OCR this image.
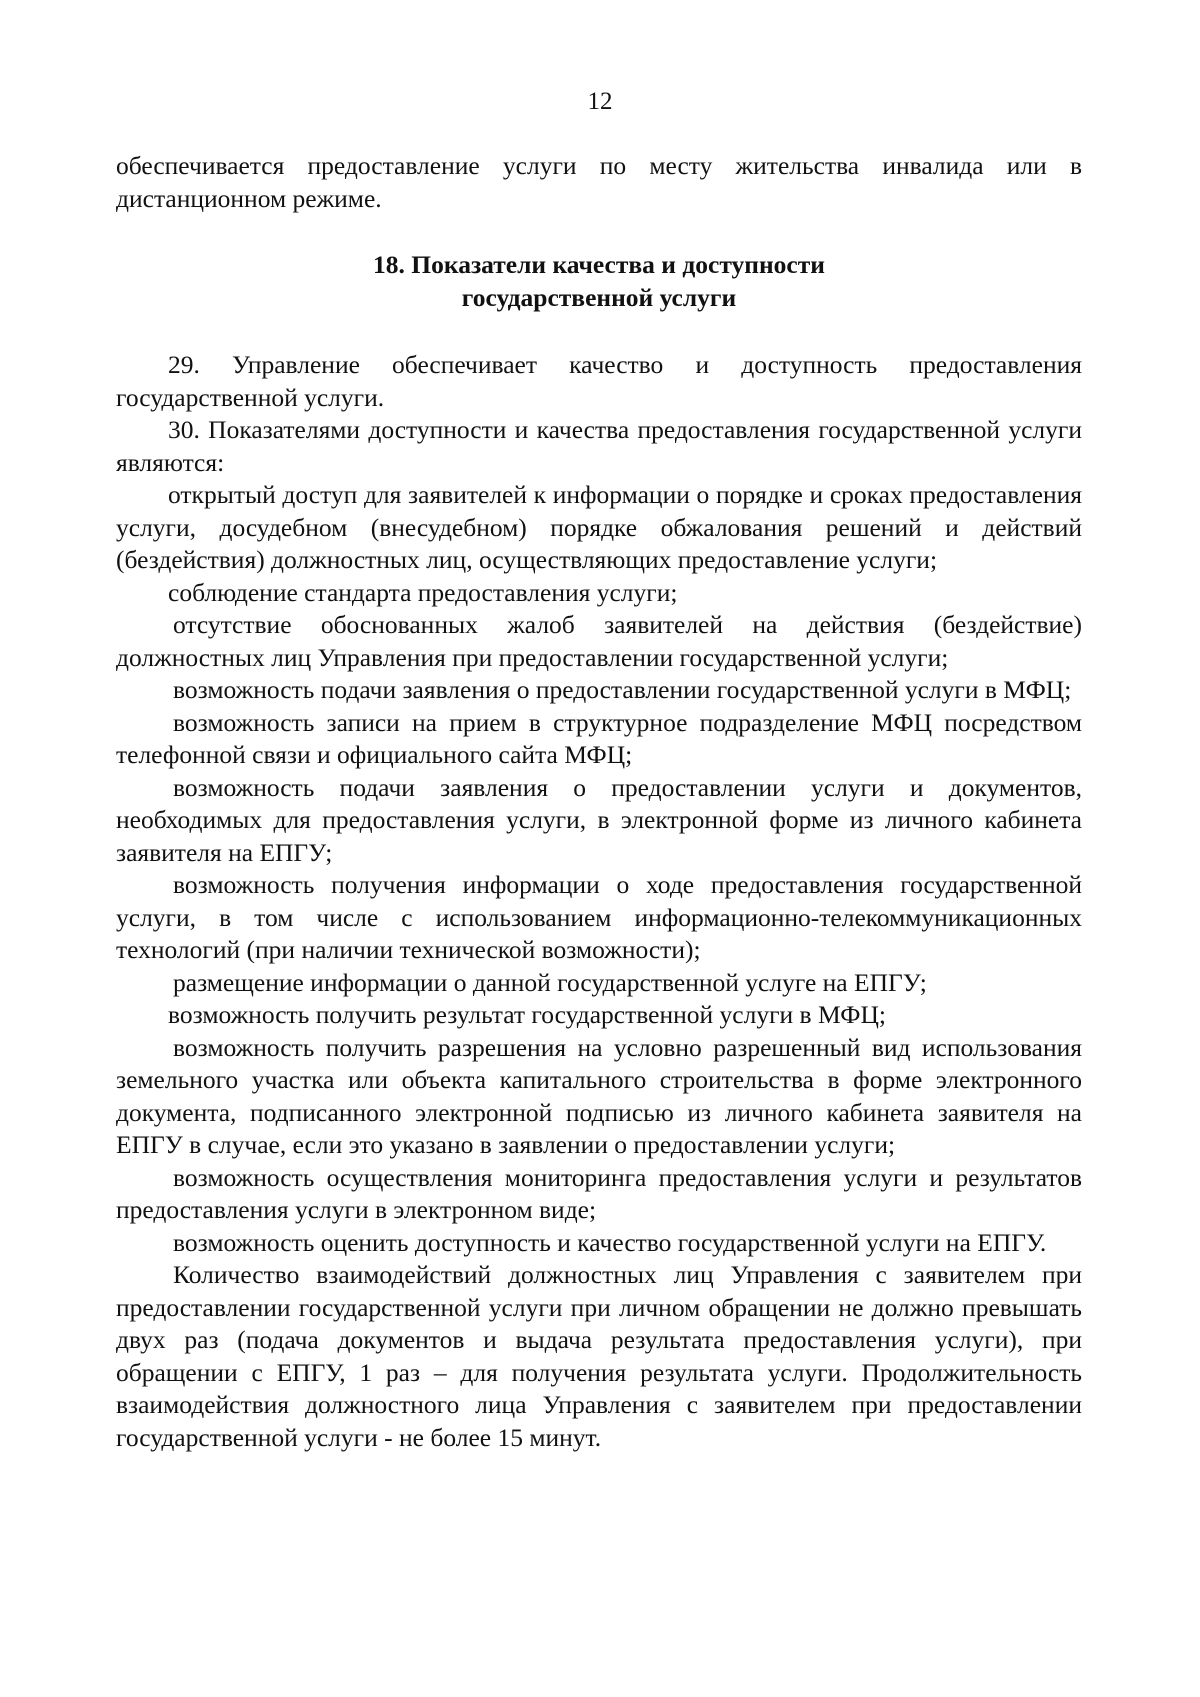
12

обеспечивается предоставление услуги по месту жительства инвалида или в дистанционном режиме.

18. Показатели качества и доступности
государственной услуги

29. Управление обеспечивает качество и доступность предоставления государственной услуги.

30. Показателями доступности и качества предоставления государственной услуги являются:

открытый доступ для заявителей к информации о порядке и сроках предоставления услуги, досудебном (внесудебном) порядке обжалования решений и действий (бездействия) должностных лиц, осуществляющих предоставление услуги;

соблюдение стандарта предоставления услуги;

отсутствие обоснованных жалоб заявителей на действия (бездействие) должностных лиц Управления при предоставлении государственной услуги;

возможность подачи заявления о предоставлении государственной услуги в МФЦ;

возможность записи на прием в структурное подразделение МФЦ посредством телефонной связи и официального сайта МФЦ;

возможность подачи заявления о предоставлении услуги и документов, необходимых для предоставления услуги, в электронной форме из личного кабинета заявителя на ЕПГУ;

возможность получения информации о ходе предоставления государственной услуги, в том числе с использованием информационно-телекоммуникационных технологий (при наличии технической возможности);

размещение информации о данной государственной услуге на ЕПГУ;

возможность получить результат государственной услуги в МФЦ;

возможность получить разрешения на условно разрешенный вид использования земельного участка или объекта капитального строительства в форме электронного документа, подписанного электронной подписью из личного кабинета заявителя на ЕПГУ в случае, если это указано в заявлении о предоставлении услуги;

возможность осуществления мониторинга предоставления услуги и результатов предоставления услуги в электронном виде;

возможность оценить доступность и качество государственной услуги на ЕПГУ.

Количество взаимодействий должностных лиц Управления с заявителем при предоставлении государственной услуги при личном обращении не должно превышать двух раз (подача документов и выдача результата предоставления услуги), при обращении с ЕПГУ, 1 раз – для получения результата услуги. Продолжительность взаимодействия должностного лица Управления с заявителем при предоставлении государственной услуги - не более 15 минут.
